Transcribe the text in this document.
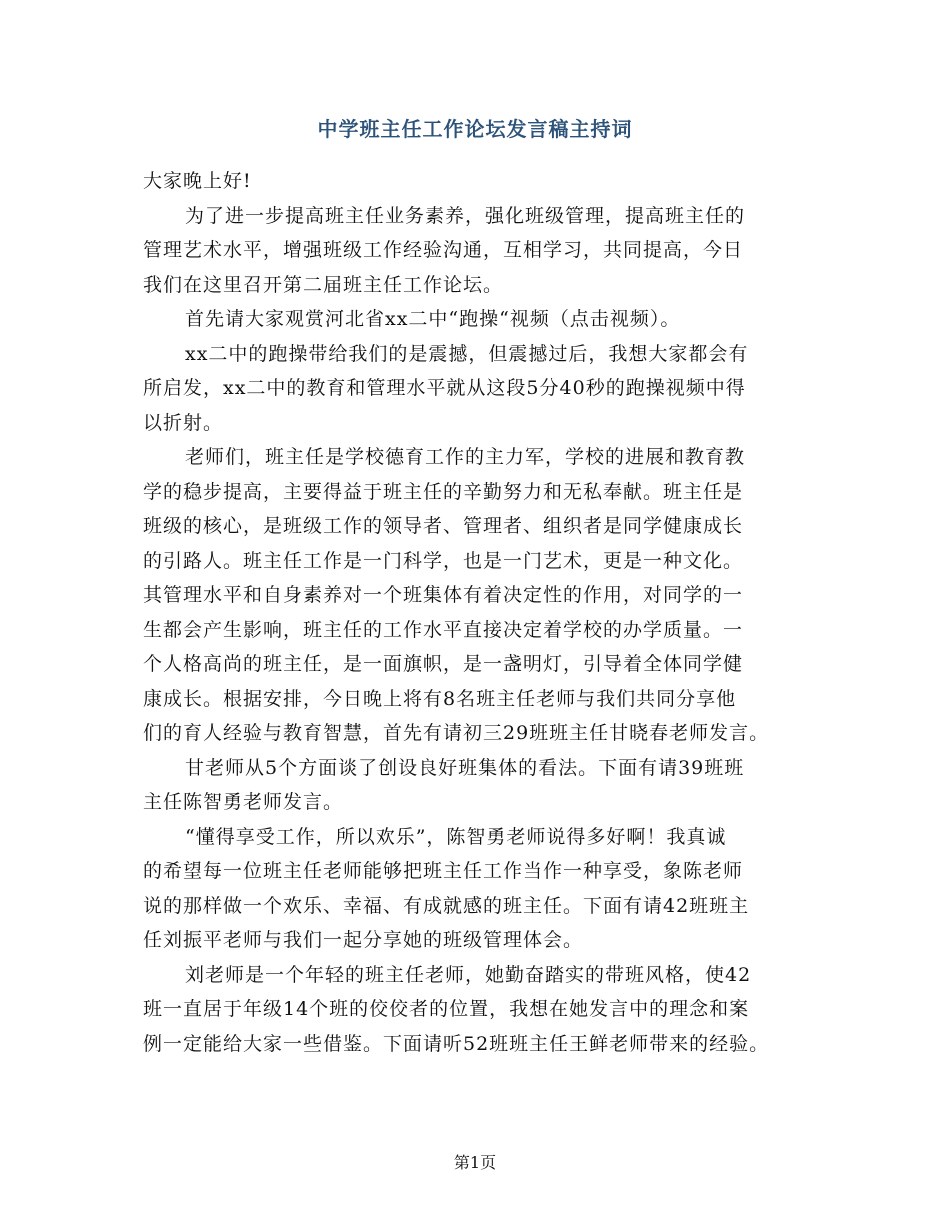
中学班主任工作论坛发言稿主持词

大家晚上好!

为了进一步提高班主任业务素养，强化班级管理，提高班主任的
管理艺术水平，增强班级工作经验沟通，互相学习，共同提高，今日
我们在这里召开第二届班主任工作论坛。

首先请大家观赏河北省xx二中“跑操“视频（点击视频）。

xx二中的跑操带给我们的是震撼，但震撼过后，我想大家都会有
所启发，xx二中的教育和管理水平就从这段5分40秒的跑操视频中得
以折射。

老师们，班主任是学校德育工作的主力军，学校的进展和教育教
学的稳步提高，主要得益于班主任的辛勤努力和无私奉献。班主任是
班级的核心，是班级工作的领导者、管理者、组织者是同学健康成长
的引路人。班主任工作是一门科学，也是一门艺术，更是一种文化。
其管理水平和自身素养对一个班集体有着决定性的作用，对同学的一
生都会产生影响，班主任的工作水平直接决定着学校的办学质量。一
个人格高尚的班主任，是一面旗帜，是一盏明灯，引导着全体同学健
康成长。根据安排，今日晚上将有8名班主任老师与我们共同分享他
们的育人经验与教育智慧，首先有请初三29班班主任甘晓春老师发言。

甘老师从5个方面谈了创设良好班集体的看法。下面有请39班班
主任陈智勇老师发言。

“懂得享受工作，所以欢乐”，陈智勇老师说得多好啊！我真诚
的希望每一位班主任老师能够把班主任工作当作一种享受，象陈老师
说的那样做一个欢乐、幸福、有成就感的班主任。下面有请42班班主
任刘振平老师与我们一起分享她的班级管理体会。

刘老师是一个年轻的班主任老师，她勤奋踏实的带班风格，使42
班一直居于年级14个班的佼佼者的位置，我想在她发言中的理念和案
例一定能给大家一些借鉴。下面请听52班班主任王鲜老师带来的经验。

第1页
